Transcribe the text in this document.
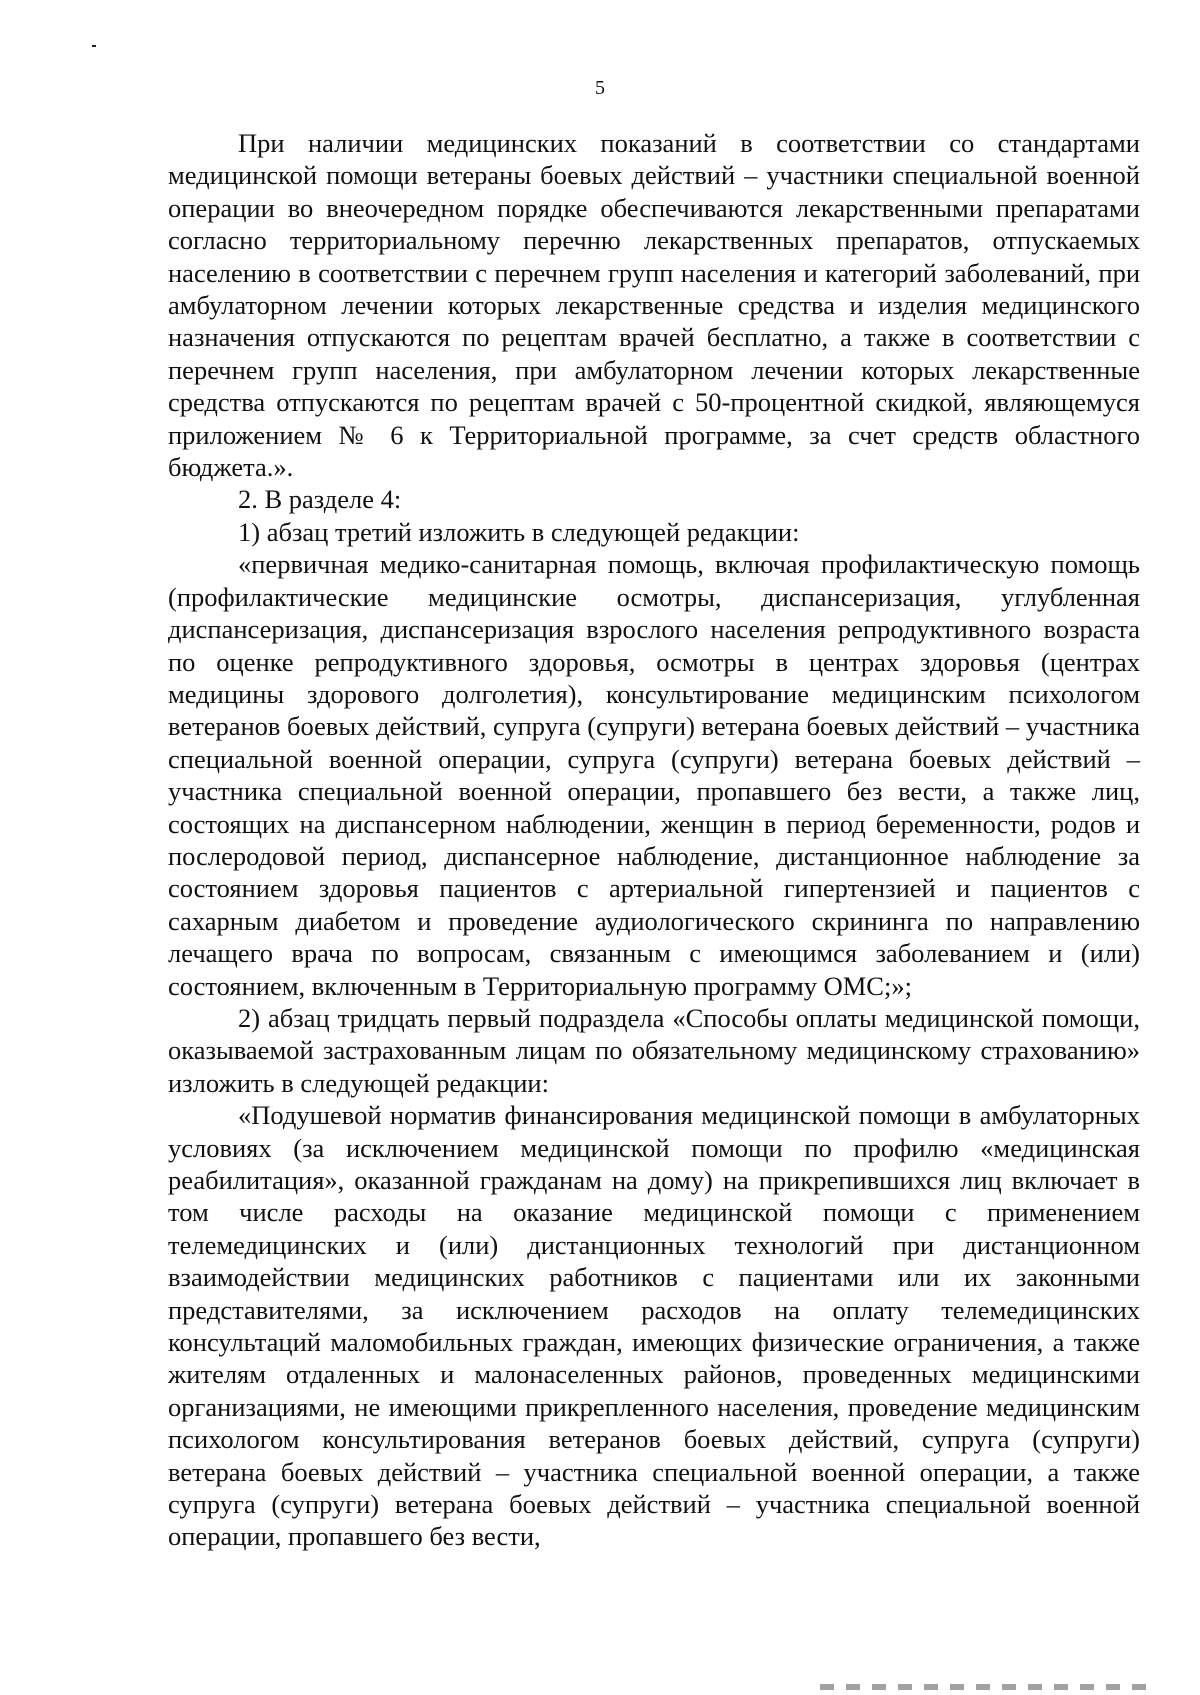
5

При наличии медицинских показаний в соответствии со стандартами медицинской помощи ветераны боевых действий – участники специальной военной операции во внеочередном порядке обеспечиваются лекарственными препаратами согласно территориальному перечню лекарственных препаратов, отпускаемых населению в соответствии с перечнем групп населения и категорий заболеваний, при амбулаторном лечении которых лекарственные средства и изделия медицинского назначения отпускаются по рецептам врачей бесплатно, а также в соответствии с перечнем групп населения, при амбулаторном лечении которых лекарственные средства отпускаются по рецептам врачей с 50-процентной скидкой, являющемуся приложением № 6 к Территориальной программе, за счет средств областного бюджета.».

2. В разделе 4:

1) абзац третий изложить в следующей редакции:

«первичная медико-санитарная помощь, включая профилактическую помощь (профилактические медицинские осмотры, диспансеризация, углубленная диспансеризация, диспансеризация взрослого населения репродуктивного возраста по оценке репродуктивного здоровья, осмотры в центрах здоровья (центрах медицины здорового долголетия), консультирование медицинским психологом ветеранов боевых действий, супруга (супруги) ветерана боевых действий – участника специальной военной операции, супруга (супруги) ветерана боевых действий – участника специальной военной операции, пропавшего без вести, а также лиц, состоящих на диспансерном наблюдении, женщин в период беременности, родов и послеродовой период, диспансерное наблюдение, дистанционное наблюдение за состоянием здоровья пациентов с артериальной гипертензией и пациентов с сахарным диабетом и проведение аудиологического скрининга по направлению лечащего врача по вопросам, связанным с имеющимся заболеванием и (или) состоянием, включенным в Территориальную программу ОМС;»;

2) абзац тридцать первый подраздела «Способы оплаты медицинской помощи, оказываемой застрахованным лицам по обязательному медицинскому страхованию» изложить в следующей редакции:

«Подушевой норматив финансирования медицинской помощи в амбулаторных условиях (за исключением медицинской помощи по профилю «медицинская реабилитация», оказанной гражданам на дому) на прикрепившихся лиц включает в том числе расходы на оказание медицинской помощи с применением телемедицинских и (или) дистанционных технологий при дистанционном взаимодействии медицинских работников с пациентами или их законными представителями, за исключением расходов на оплату телемедицинских консультаций маломобильных граждан, имеющих физические ограничения, а также жителям отдаленных и малонаселенных районов, проведенных медицинскими организациями, не имеющими прикрепленного населения, проведение медицинским психологом консультирования ветеранов боевых действий, супруга (супруги) ветерана боевых действий – участника специальной военной операции, а также супруга (супруги) ветерана боевых действий – участника специальной военной операции, пропавшего без вести,
